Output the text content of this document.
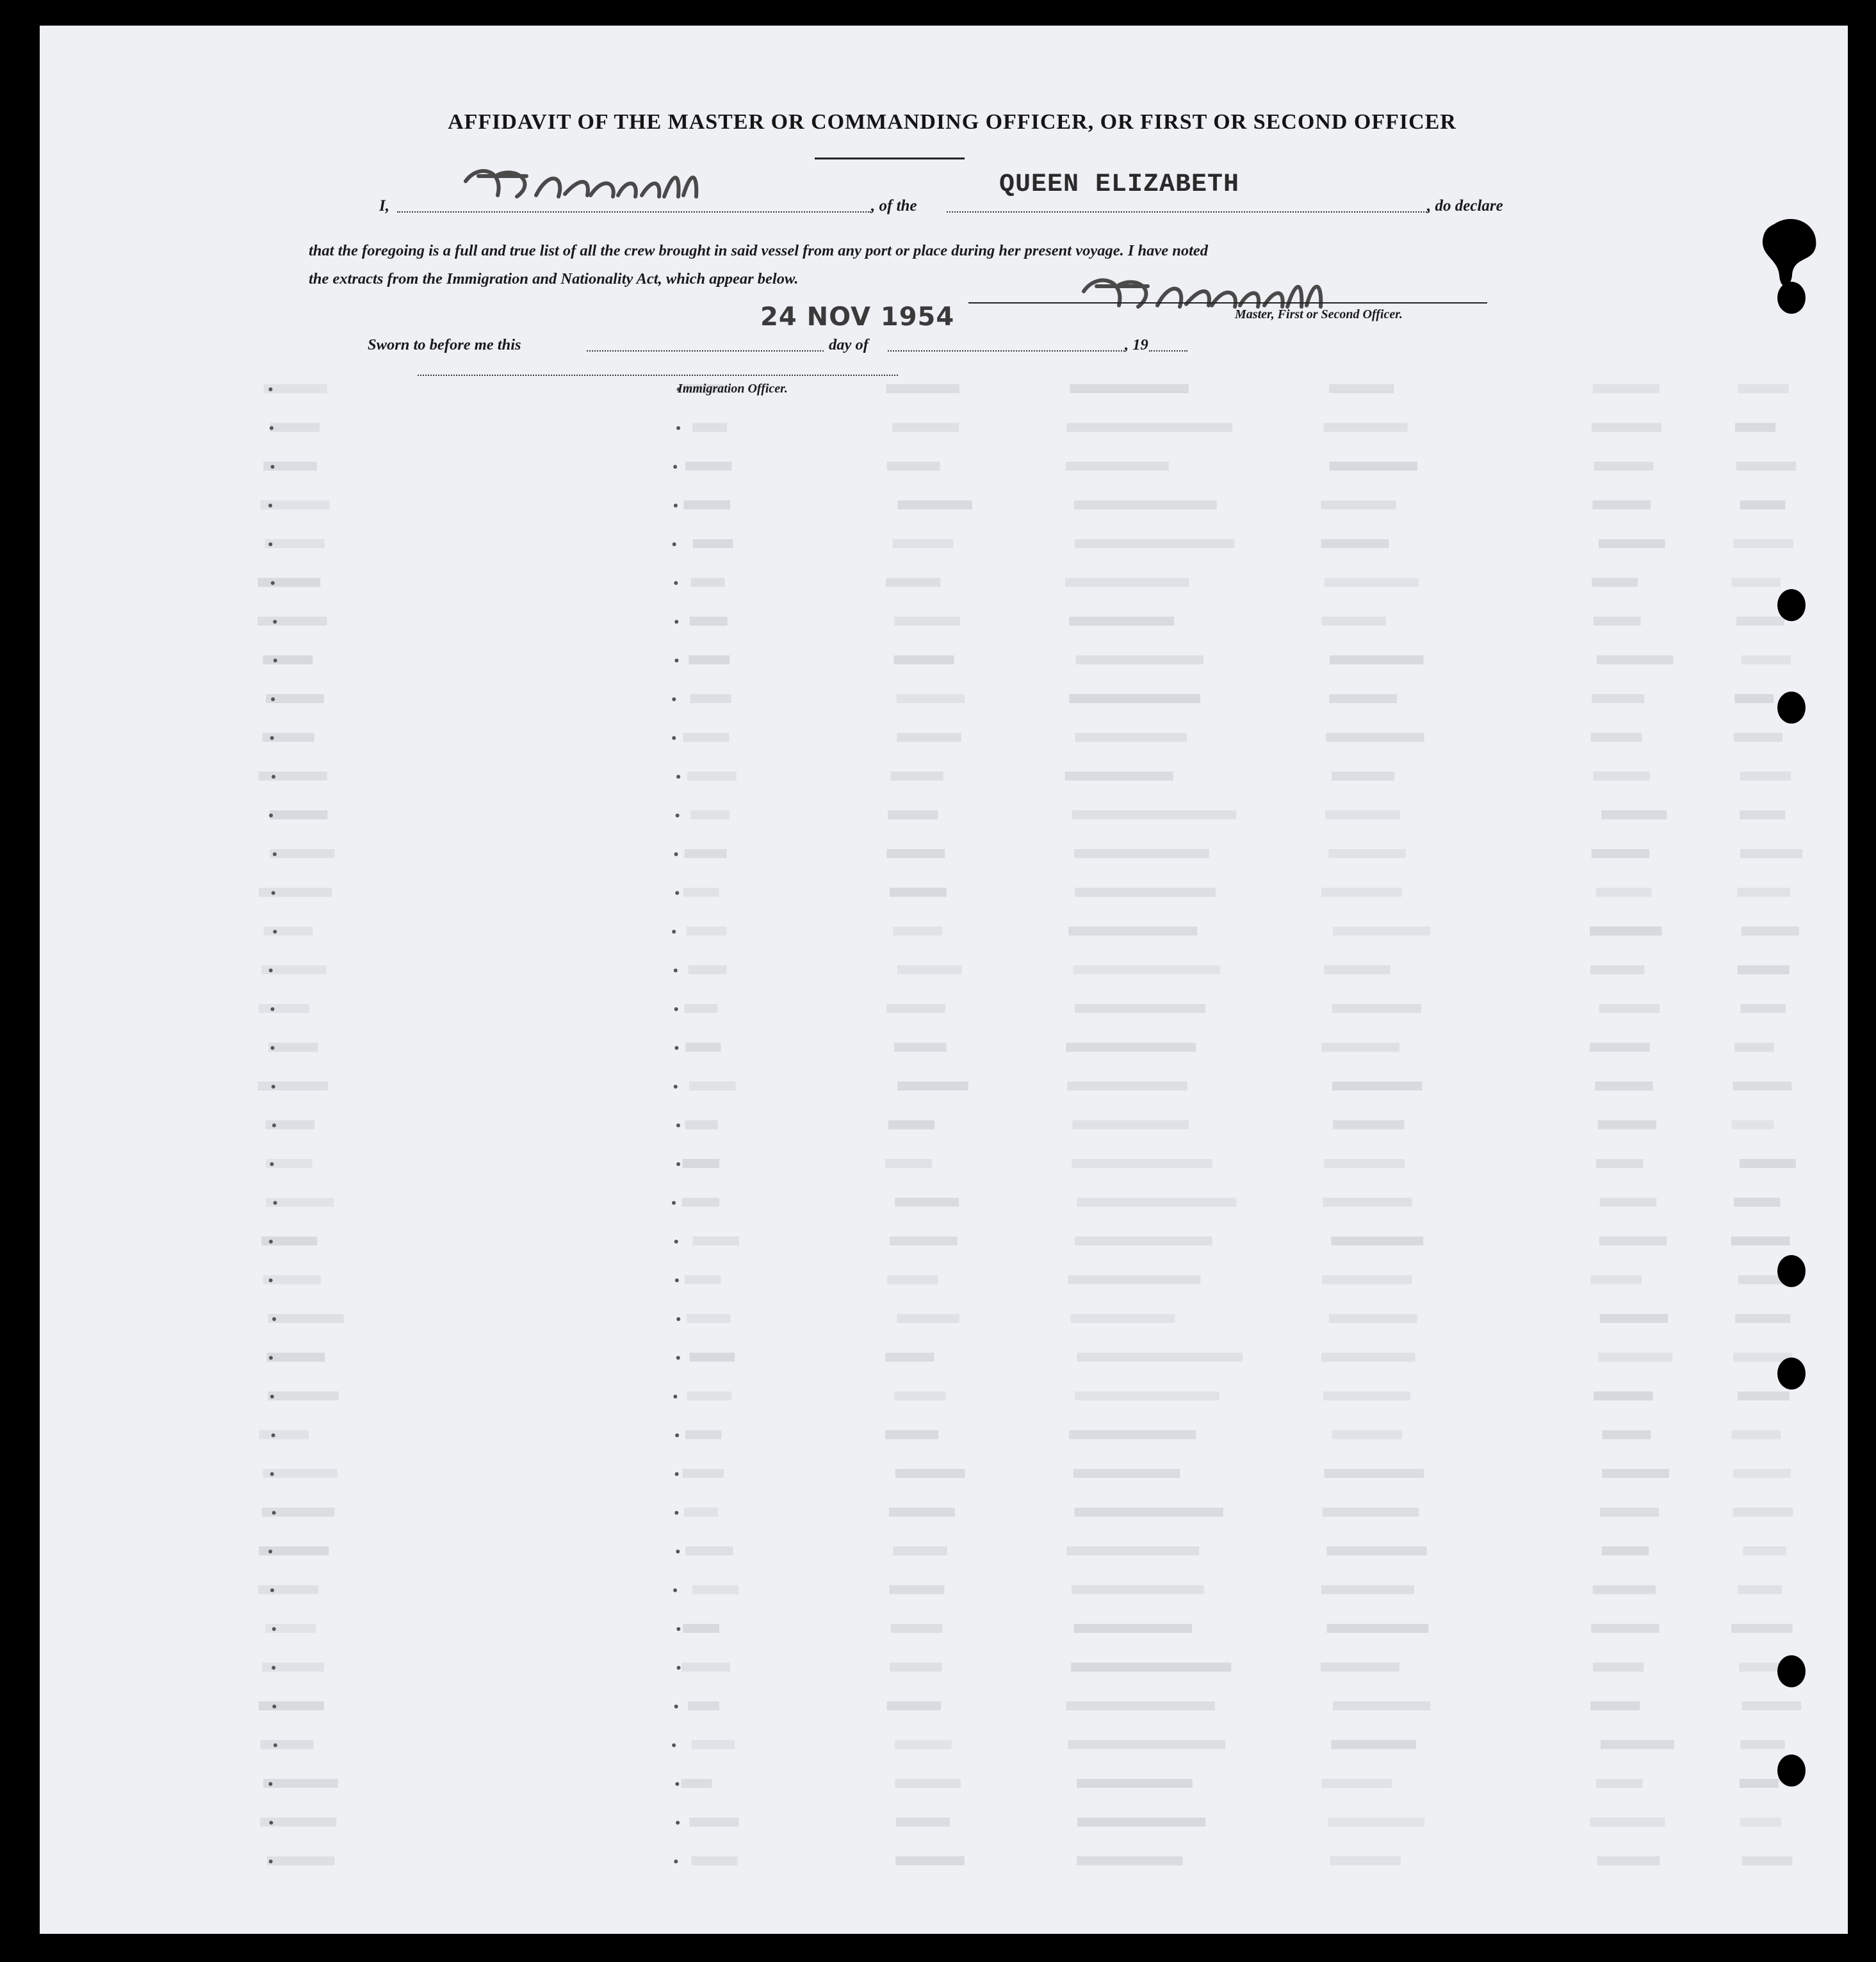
AFFIDAVIT OF THE MASTER OR COMMANDING OFFICER, OR FIRST OR SECOND OFFICER
I,	, of the	, do declare
QUEEN ELIZABETH
that the foregoing is a full and true list of all the crew brought in said vessel from any port or place during her present voyage. I have noted
the extracts from the Immigration and Nationality Act, which appear below.
24 NOV 1954	Master, First or Second Officer.
Sworn to before me this	day of	, 19
Immigration Officer.
